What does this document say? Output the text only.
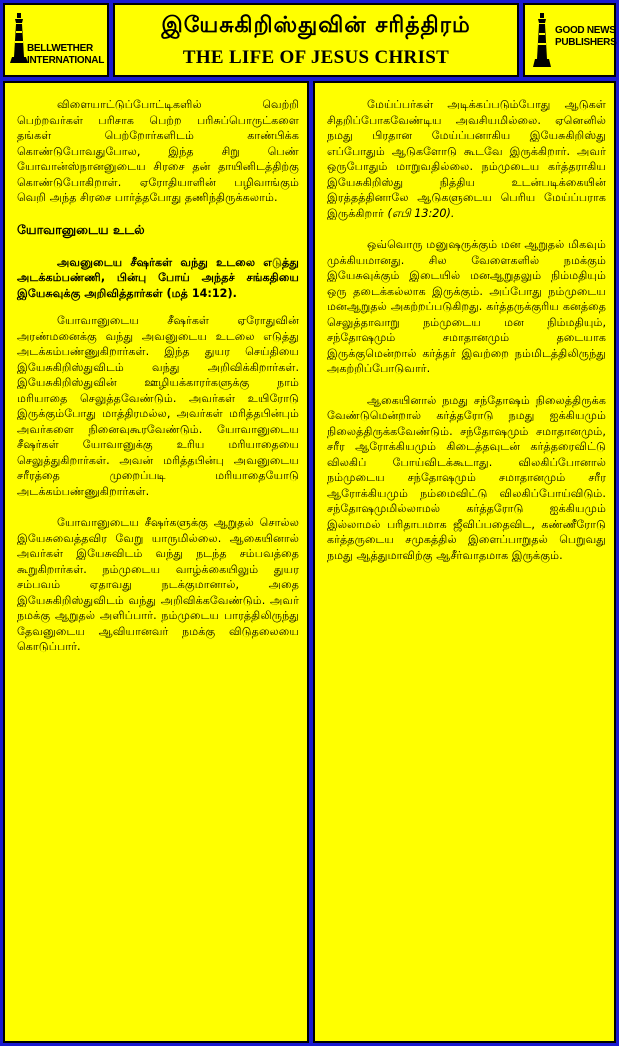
BELLWETHER
INTERNATIONAL
இயேசுகிறிஸ்துவின் சரித்திரம்
THE LIFE OF JESUS CHRIST
GOOD NEWS
PUBLISHERS

விளையாட்டுப்போட்டிகளில் வெற்றி பெற்றவர்கள் பரிசாக பெற்ற பரிசுப்பொருட்களை தங்கள் பெற்றோர்களிடம் காண்பிக்க கொண்டுபோவதுபோல, இந்த சிறு பெண் யோவான்ஸ்நானனுடைய சிரசை தன் தாயினிடத்திற்கு கொண்டுபோகிறாள். ஏரோதியாளின் பழிவாங்கும் வெறி அந்த சிரசை பார்த்தபோது தணிந்திருக்கலாம்.

யோவானுடைய உடல்

அவனுடைய சீஷர்கள் வந்து உடலை எடுத்து அடக்கம்பண்ணி, பின்பு போய் அந்தச் சங்கதியை இயேசுவுக்கு அறிவித்தார்கள் (மத் 14:12).

யோவானுடைய சீஷர்கள் ஏரோதுவின் அரண்மனைக்கு வந்து அவனுடைய உடலை எடுத்து அடக்கம்பண்ணுகிறார்கள். இந்த துயர செய்தியை இயேசுகிறிஸ்துவிடம் வந்து அறிவிக்கிறார்கள். இயேசுகிறிஸ்துவின் ஊழியக்காரர்களுக்கு நாம் மரியாதை செலுத்தவேண்டும். அவர்கள் உயிரோடு இருக்கும்போது மாத்திரமல்ல, அவர்கள் மரித்தபின்பும் அவர்களை நினைவுகூரவேண்டும். யோவானுடைய சீஷர்கள் யோவானுக்கு உரிய மரியாதையை செலுத்துகிறார்கள். அவன் மரித்தபின்பு அவனுடைய சரீரத்தை முறைப்படி மரியாதையோடு அடக்கம்பண்ணுகிறார்கள்.

யோவானுடைய சீஷர்களுக்கு ஆறுதல் சொல்ல இயேசுவைத்தவிர வேறு யாருமில்லை. ஆகையினால் அவர்கள் இயேசுவிடம் வந்து நடந்த சம்பவத்தை கூறுகிறார்கள். நம்முடைய வாழ்க்கையிலும் துயர சம்பவம் ஏதாவது நடக்குமானால், அதை இயேசுகிறிஸ்துவிடம் வந்து அறிவிக்கவேண்டும். அவர் நமக்கு ஆறுதல் அளிப்பார். நம்முடைய பாரத்திலிருந்து தேவனுடைய ஆவியானவர் நமக்கு விடுதலையை கொடுப்பார்.

மேய்ப்பர்கள் அடிக்கப்படும்போது ஆடுகள் சிதறிப்போகவேண்டிய அவசியமில்லை. ஏனெனில் நமது பிரதான மேய்ப்பனாகிய இயேசுகிறிஸ்து எப்போதும் ஆடுகளோடு கூடவே இருக்கிறார். அவர் ஒருபோதும் மாறுவதில்லை. நம்முடைய கர்த்தராகிய இயேசுகிறிஸ்து நித்திய உடன்படிக்கையின் இரத்தத்தினாலே ஆடுகளுடைய பெரிய மேய்ப்பராக இருக்கிறார் (எபி 13:20).

ஒவ்வொரு மனுஷருக்கும் மன ஆறுதல் மிகவும் முக்கியமானது. சில வேளைகளில் நமக்கும் இயேசுவுக்கும் இடையில் மனஆறுதலும் நிம்மதியும் ஒரு தடைக்கல்லாக இருக்கும். அப்போது நம்முடைய மனஆறுதல் அகற்றப்படுகிறது. கர்த்தருக்குரிய கனத்தை செலுத்தாவாறு நம்முடைய மன நிம்மதியும், சந்தோஷமும் சமாதானமும் தடையாக இருக்குமென்றால் கர்த்தர் இவற்றை நம்மிடத்திலிருந்து அகற்றிப்போடுவார்.

ஆகையினால் நமது சந்தோஷம் நிலைத்திருக்க வேண்டுமென்றால் கர்த்தரோடு நமது ஐக்கியமும் நிலைத்திருக்கவேண்டும். சந்தோஷமும் சமாதானமும், சரீர ஆரோக்கியமும் கிடைத்தவுடன் கர்த்தரைவிட்டு விலகிப் போய்விடக்கூடாது. விலகிப்போனால் நம்முடைய சந்தோஷமும் சமாதானமும் சரீர ஆரோக்கியமும் நம்மைவிட்டு விலகிப்போய்விடும். சந்தோஷமுமில்லாமல் கர்த்தரோடு ஐக்கியமும் இல்லாமல் பரிதாபமாக ஜீவிப்பதைவிட, கண்ணீரோடு கர்த்தருடைய சமுகத்தில் இளைப்பாறுதல் பெறுவது நமது ஆத்துமாவிற்கு ஆசீர்வாதமாக இருக்கும்.
